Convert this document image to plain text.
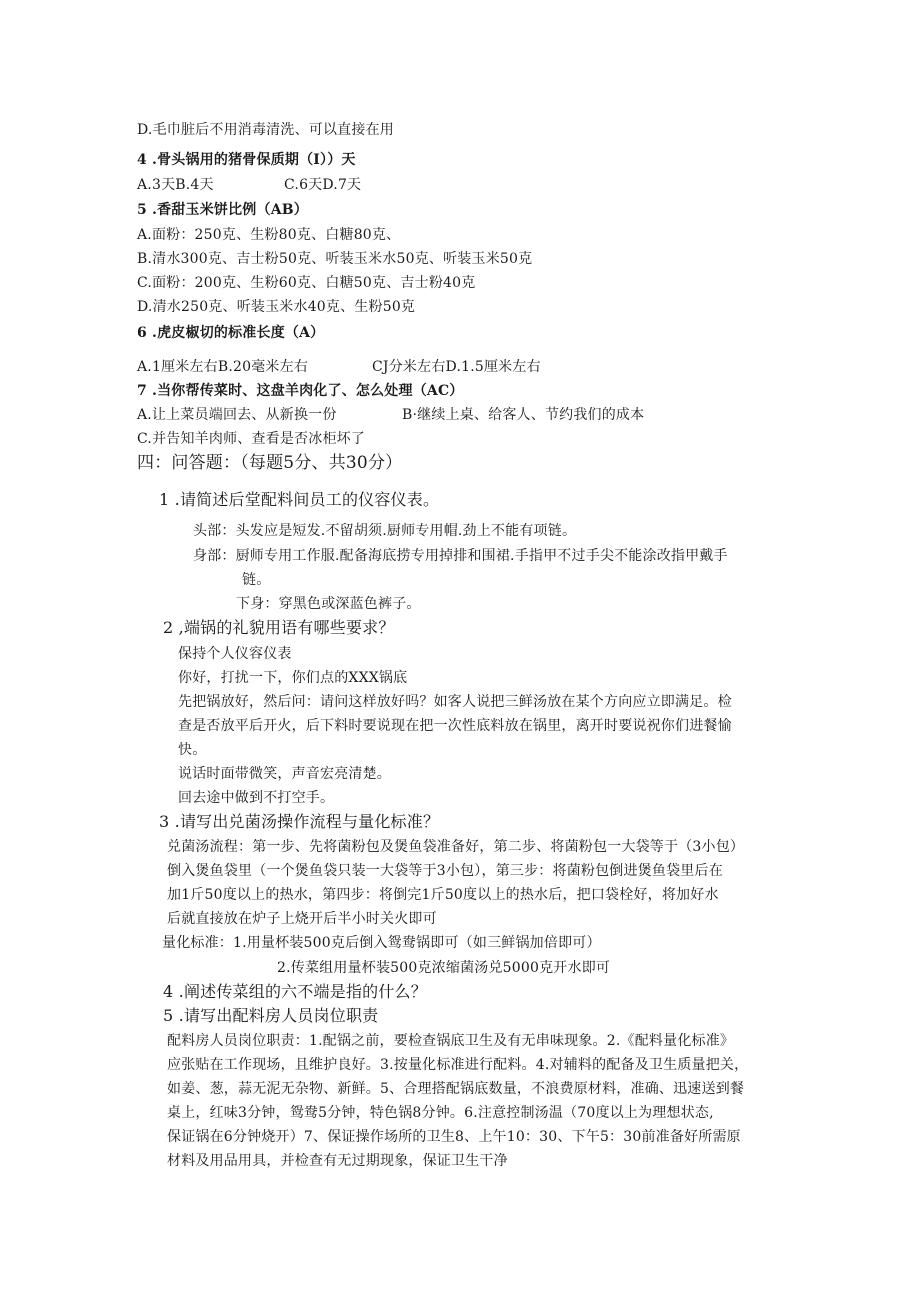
D.毛巾脏后不用消毒清洗、可以直接在用
4 .骨头锅用的猪骨保质期（I））天
A.3天B.4天	C.6天D.7天
5 .香甜玉米饼比例（AB）
A.面粉：250克、生粉80克、白糖80克、
B.清水300克、吉士粉50克、听装玉米水50克、听装玉米50克
C.面粉：200克、生粉60克、白糖50克、吉士粉40克
D.清水250克、听装玉米水40克、生粉50克
6 .虎皮椒切的标准长度（A）
A.1厘米左右B.20毫米左右	CJ分米左右D.1.5厘米左右
7 .当你帮传菜时、这盘羊肉化了、怎么处理（AC）
A.让上菜员端回去、从新换一份	B·继续上桌、给客人、节约我们的成本
C.并告知羊肉师、查看是否冰柜坏了
四：问答题：（每题5分、共30分）
1 .请简述后堂配料间员工的仪容仪表。
头部：头发应是短发.不留胡须.厨师专用帽.劲上不能有项链。
身部：厨师专用工作服.配备海底捞专用掉排和围裙.手指甲不过手尖不能涂改指甲戴手
链。
下身：穿黑色或深蓝色裤子。
2 ,端锅的礼貌用语有哪些要求？
保持个人仪容仪表
你好，打扰一下，你们点的XXX锅底
先把锅放好，然后问：请问这样放好吗？如客人说把三鲜汤放在某个方向应立即满足。检
查是否放平后开火，后下料时要说现在把一次性底料放在锅里，离开时要说祝你们进餐愉
快。
说话时面带微笑，声音宏亮清楚。
回去途中做到不打空手。
3 .请写出兑菌汤操作流程与量化标准？
兑菌汤流程：第一步、先将菌粉包及煲鱼袋准备好，第二步、将菌粉包一大袋等于（3小包）
倒入煲鱼袋里（一个煲鱼袋只装一大袋等于3小包），第三步：将菌粉包倒进煲鱼袋里后在
加1斤50度以上的热水，第四步：将倒完1斤50度以上的热水后，把口袋栓好，将加好水
后就直接放在炉子上烧开后半小时关火即可
量化标准：1.用量杯装500克后倒入鸳鸯锅即可（如三鲜锅加倍即可）
2.传菜组用量杯装500克浓缩菌汤兑5000克开水即可
4 .阐述传菜组的六不端是指的什么？
5 .请写出配料房人员岗位职责
配料房人员岗位职责：1.配锅之前，要检查锅底卫生及有无串味现象。2.《配料量化标准》
应张贴在工作现场，且维护良好。3.按量化标准进行配料。4.对辅料的配备及卫生质量把关，
如姜、葱，蒜无泥无杂物、新鲜。5、合理搭配锅底数量，不浪费原材料，准确、迅速送到餐
桌上，红味3分钟，鸳鸯5分钟，特色锅8分钟。6.注意控制汤温（70度以上为理想状态,
保证锅在6分钟烧开）7、保证操作场所的卫生8、上午10：30、下午5：30前准备好所需原
材料及用品用具，并检查有无过期现象，保证卫生干净
